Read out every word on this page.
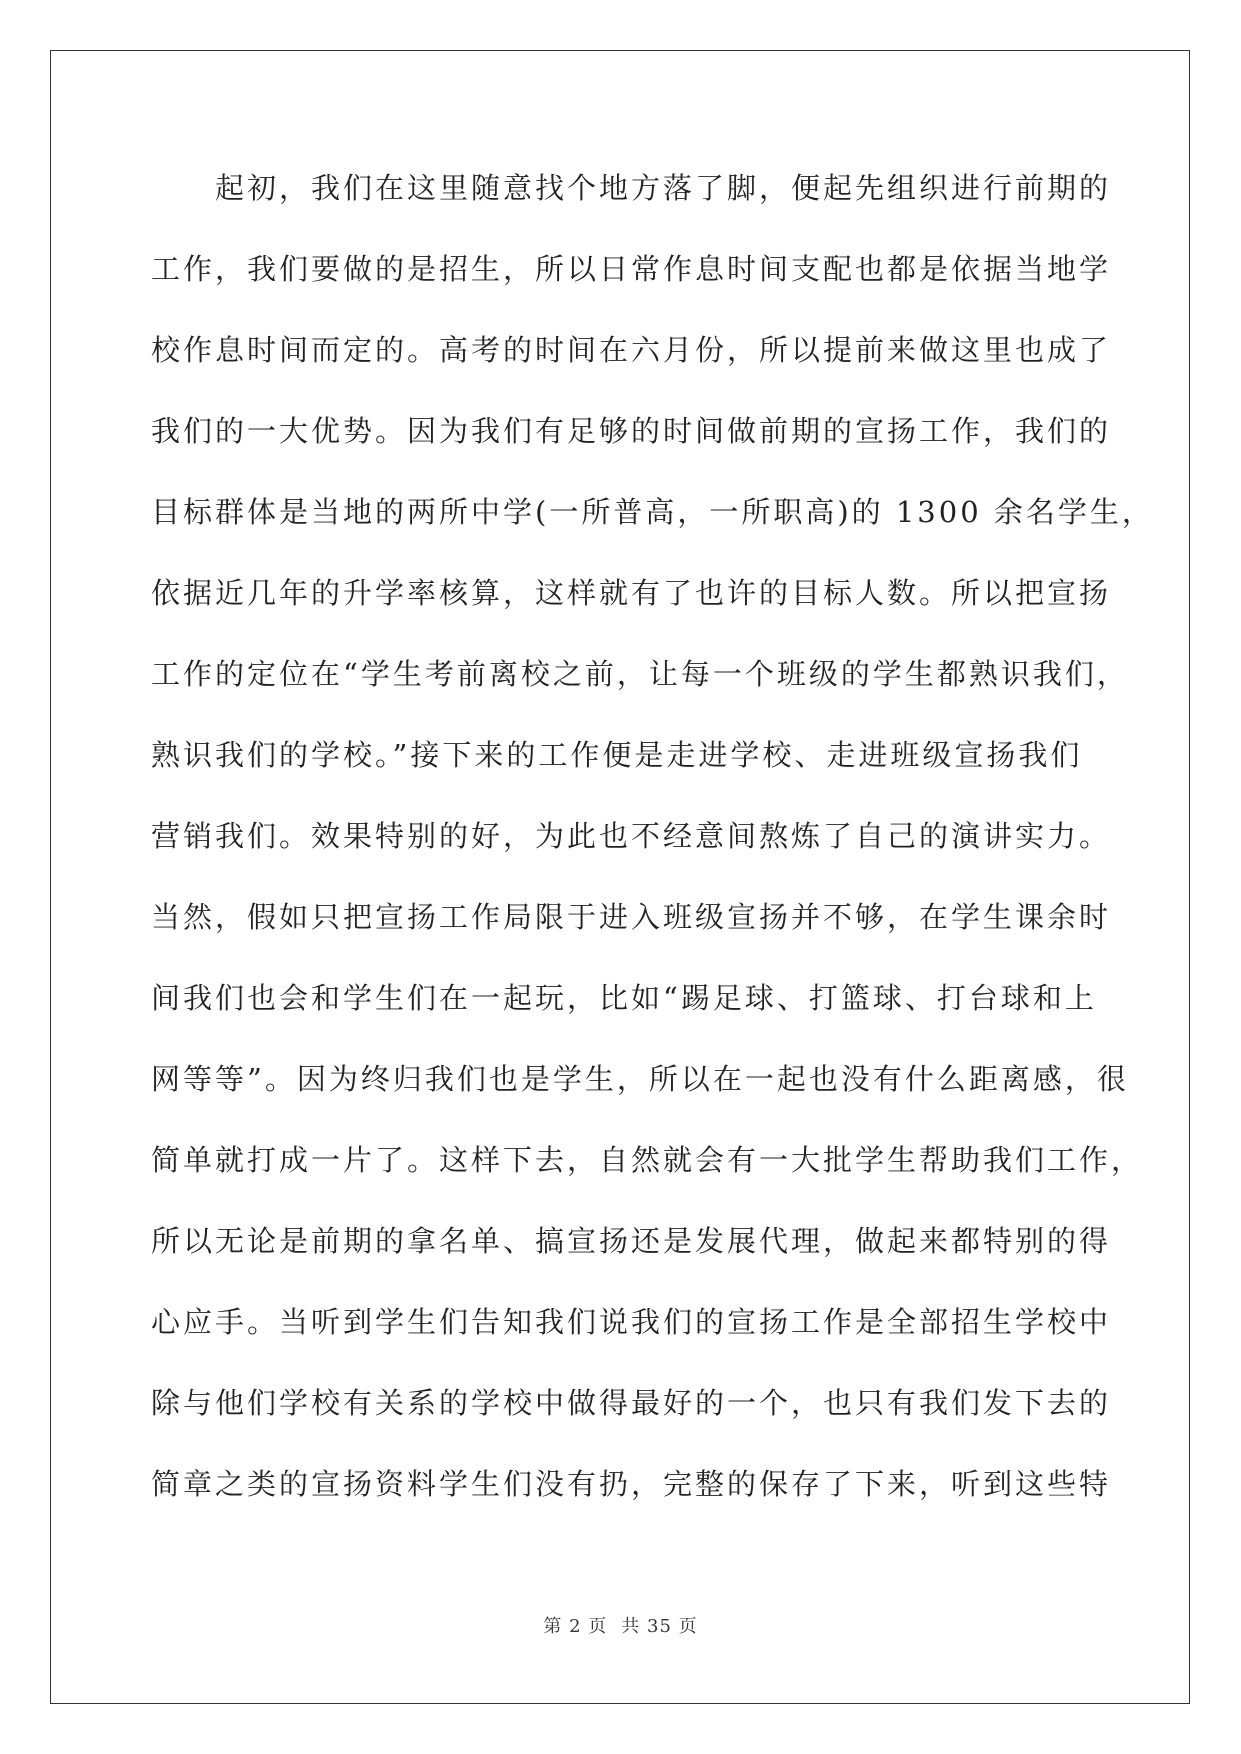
起初，我们在这里随意找个地方落了脚，便起先组织进行前期的
工作，我们要做的是招生，所以日常作息时间支配也都是依据当地学
校作息时间而定的。高考的时间在六月份，所以提前来做这里也成了
我们的一大优势。因为我们有足够的时间做前期的宣扬工作，我们的
目标群体是当地的两所中学(一所普高，一所职高)的 1300 余名学生，
依据近几年的升学率核算，这样就有了也许的目标人数。所以把宣扬
工作的定位在“学生考前离校之前，让每一个班级的学生都熟识我们，
熟识我们的学校。”接下来的工作便是走进学校、走进班级宣扬我们
营销我们。效果特别的好，为此也不经意间熬炼了自己的演讲实力。
当然，假如只把宣扬工作局限于进入班级宣扬并不够，在学生课余时
间我们也会和学生们在一起玩，比如“踢足球、打篮球、打台球和上
网等等”。因为终归我们也是学生，所以在一起也没有什么距离感，很
简单就打成一片了。这样下去，自然就会有一大批学生帮助我们工作，
所以无论是前期的拿名单、搞宣扬还是发展代理，做起来都特别的得
心应手。当听到学生们告知我们说我们的宣扬工作是全部招生学校中
除与他们学校有关系的学校中做得最好的一个，也只有我们发下去的
简章之类的宣扬资料学生们没有扔，完整的保存了下来，听到这些特
第 2 页 共 35 页
